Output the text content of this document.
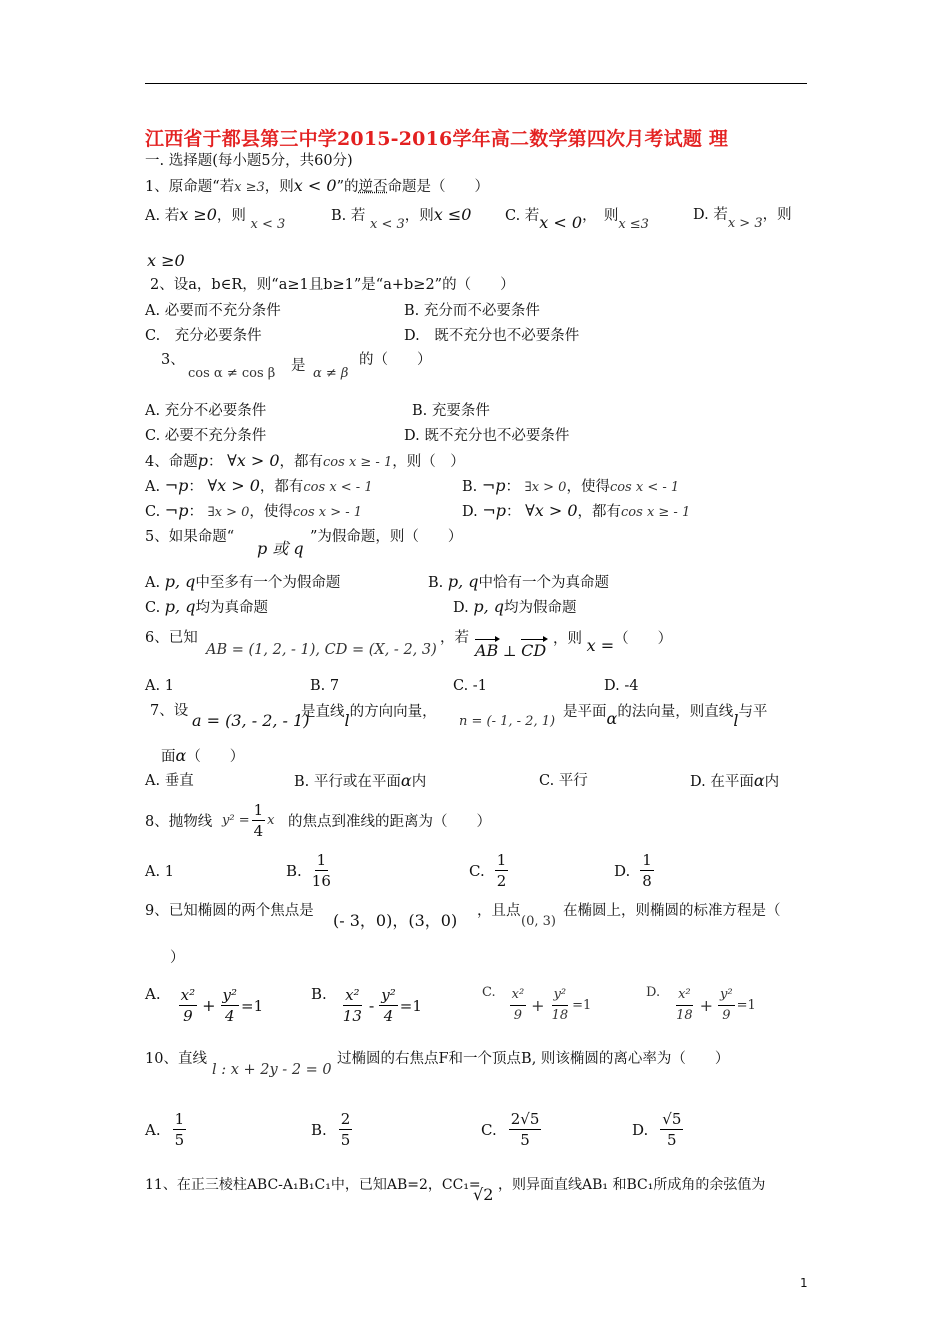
江西省于都县第三中学2015-2016学年高二数学第四次月考试题 理
一. 选择题(每小题5分，共60分)
1、原命题“若x ≥3，则x < 0”的逆否命题是（　　）
A. 若x ≥0，则 x < 3
B. 若 x < 3，则x ≤0 C. 若x < 0，　则x ≤3
D. 若x > 3，则
x ≥0
2、设a，b∈R，则“a≥1且b≥1”是“a+b≥2”的（　　）
A. 必要而不充分条件	B. 充分而不必要条件
C.　充分必要条件	D.　既不充分也不必要条件
3、
cos α ≠ cos β 是 α ≠ β
的（　　）
A. 充分不必要条件	B. 充要条件
C. 必要不充分条件	D. 既不充分也不必要条件
4、命题p： ∀x > 0，都有cos x ≥ - 1，则（　）
A. ¬p： ∀x > 0，都有cos x < - 1	B. ¬p： ∃x > 0，使得cos x < - 1
C. ¬p： ∃x > 0，使得cos x > - 1	D. ¬p： ∀x > 0，都有cos x ≥ - 1
5、如果命题“
p 或 q
”为假命题，则（　　）
A. p, q中至多有一个为假命题	B. p, q中恰有一个为真命题
C. p, q均为真命题	D. p, q均为假命题
6、已知
AB = (1, 2, - 1), CD = (X, - 2, 3)
，若
AB ⊥ CD
，则 x =（　　）
A. 1	B. 7	C. -1	D. -4
7、设 a = (3, - 2, - 1)
是直线l的方向向量，
n = (- 1, - 2, 1)
是平面α的法向量，则直线l与平
面α（　　）
A. 垂直	B. 平行或在平面α内	C. 平行	D. 在平面α内
8、抛物线 $y^2 = \frac{1}{4}$ x 的焦点到准线的距离为（　　）
A. 1	B. $\frac{1}{16}$	C. $\frac{1}{2}$	D. $\frac{1}{8}$
9、已知椭圆的两个焦点是 (- 3，0)，(3，0) ，且点
(0, 3)
在椭圆上，则椭圆的标准方程是（
）
A. $\frac{\text{x²}}{9} + \frac{\text{y²}}{4} =1$
B. $\frac{\text{x²}}{13} - \frac{\text{y²}}{4} =1$
C. $\frac{\text{x²}}{9} + \frac{\text{y²}}{18} =1$
D. $\frac{\text{x²}}{18} + \frac{\text{y²}}{9} =1$
10、直线
l : x + 2y - 2 = 0
过椭圆的右焦点F和一个顶点B, 则该椭圆的离心率为（　　）
A. $\frac{1}{5}$	B. $\frac{2}{5}$	C. $\frac{2√5}{5}$	D. $\frac{√5}{5}$
11、在正三棱柱ABC-A₁B₁C₁中，已知AB=2，CC₁=
√2 ，则异面直线AB₁ 和BC₁所成角的余弦值为
1
